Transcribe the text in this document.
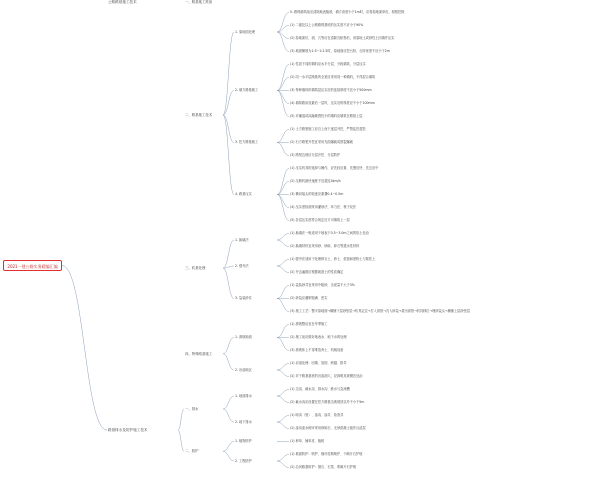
2021一建公路实务精编汇编
5. 路堤填筑前应清除地表植被，填方高度小于1m时，应将原地面草皮、树根挖除
(1) 二级及以上公路路堤基底的压实度不应小于90%
(2) 原地面坑、洞、穴等应在清除沉积物后，用原地土或砂性土回填并压实
(3) 地面横坡为1:5~1:2.5时，原地面应挖台阶，台阶宽度不应小于2m
(1) 性质不同的填料应水平分层、分段填筑，分层压实
(2) 同一水平层路基的全宽应采用同一种填料，不得混合填筑
(3) 每种填料的填筑层压实后的连续厚度不宜小于500mm
(4) 填筑路床顶最后一层时，压实后的厚度应不小于100mm
(5) 对潮湿或冻融敏感性小的填料应填筑在路基上层
(1) 土方路堑施工应自上而下逐层开挖，严禁乱挖超挖
(2) 石方路堑开挖宜采用光面爆破或预裂爆破
(3) 路堑边坡应分层开挖、分层防护
(1) 压实机具的选择与操作，应先轻后重、先慢后快、先边后中
(2) 压路机最快速度不宜超过4km/h
(3) 横向接头的轮迹应重叠0.4~0.5m
(4) 压实度检测采用灌砂法、环刀法、核子仪法
(5) 各层压实度符合规定后方可填筑上一层
(1) 换填法一般适用于地表下0.5~3.0m之间的软土处治
(2) 换填材料宜采用砂、砂砾、碎石等透水性材料
(1) 强夯法适用于处理碎石土、砂土、低饱和度粉土与黏性土
(2) 夯击遍数应根据地基土的性质确定
(1) 袋装砂井宜采用中粗砂，含泥量不大于3%
(2) 砂袋应灌制饱满、密实
(3) 施工工艺：整平原地面→摊铺下层砂垫层→机具定位→打入套管→沉入砂袋→拔出套管→机具移位→埋砂袋头→摊铺上层砂垫层
(1) 滑坡整治宜在旱季施工
(2) 施工前应做好地表水、地下水的处理
(3) 滑坡体上不得堆放弃土、机械设备
(1) 岩溶处理：回填、加固、跨越、排导
(2) 对于路基基底的岩溶洞穴，应探明其规模后处治
(1) 边沟、截水沟、排水沟、跌水与急流槽
(2) 截水沟应设置在挖方路基边坡坡顶以外不小于5m
(1) 暗沟（管）、渗沟、渗井、检查井
(2) 渗沟迎水侧可采用砂砾石、无砂混凝土板作反滤层
(1) 种草、铺草皮、植树
(1) 坡面防护：喷护、锚杆挂网喷护、干砌片石护坡
(2) 沿河路基防护：抛石、石笼、浆砌片石护坡
1. 原地面处理
2. 填方路基施工
3. 挖方路基施工
4. 路基压实
1. 换填法
2. 强夯法
3. 袋装砂井
1. 滑坡地段
2. 岩溶地区
1. 地面排水
2. 地下排水
1. 植物防护
2. 工程防护
一、路基施工准备
二、路基施工技术
三、软基处理
四、特殊路基施工
一、排水
二、防护
公路路基施工技术
路基排水及防护施工技术
